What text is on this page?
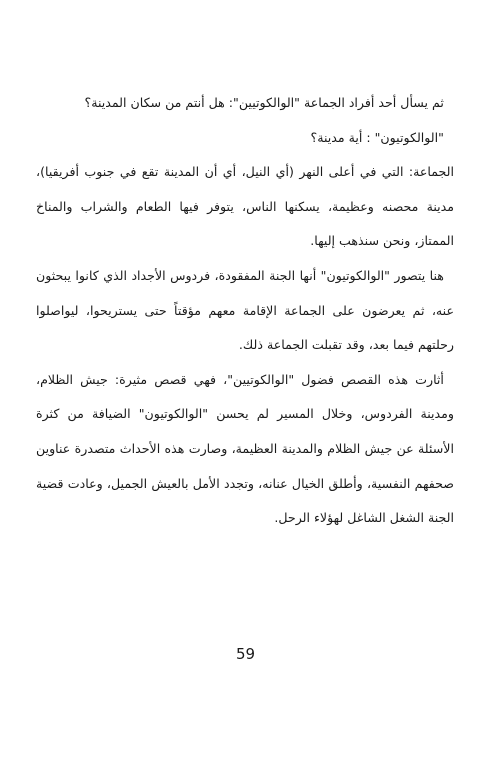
ثم يسأل أحد أفراد الجماعة "الوالكوتيين": هل أنتم من سكان المدينة؟

"الوالكوتيون" : أية مدينة؟

الجماعة: التي في أعلى النهر (أي النيل، أي أن المدينة تقع في جنوب أفريقيا)، مدينة محصنه وعظيمة، يسكنها الناس، يتوفر فيها الطعام والشراب والمناخ الممتاز، ونحن سنذهب إليها.

هنا يتصور "الوالكوتيون" أنها الجنة المفقودة، فردوس الأجداد الذي كانوا يبحثون عنه، ثم يعرضون على الجماعة الإقامة معهم مؤقتاً حتى يستريحوا، ليواصلوا رحلتهم فيما بعد، وقد تقبلت الجماعة ذلك.

أثارت هذه القصص فضول "الوالكوتيين"، فهي قصص مثيرة: جيش الظلام، ومدينة الفردوس، وخلال المسير لم يحسن "الوالكوتيون" الضيافة من كثرة الأسئلة عن جيش الظلام والمدينة العظيمة، وصارت هذه الأحداث متصدرة عناوين صحفهم النفسية، وأطلق الخيال عنانه، وتجدد الأمل بالعيش الجميل، وعادت قضية الجنة الشغل الشاغل لهؤلاء الرحل.

59
